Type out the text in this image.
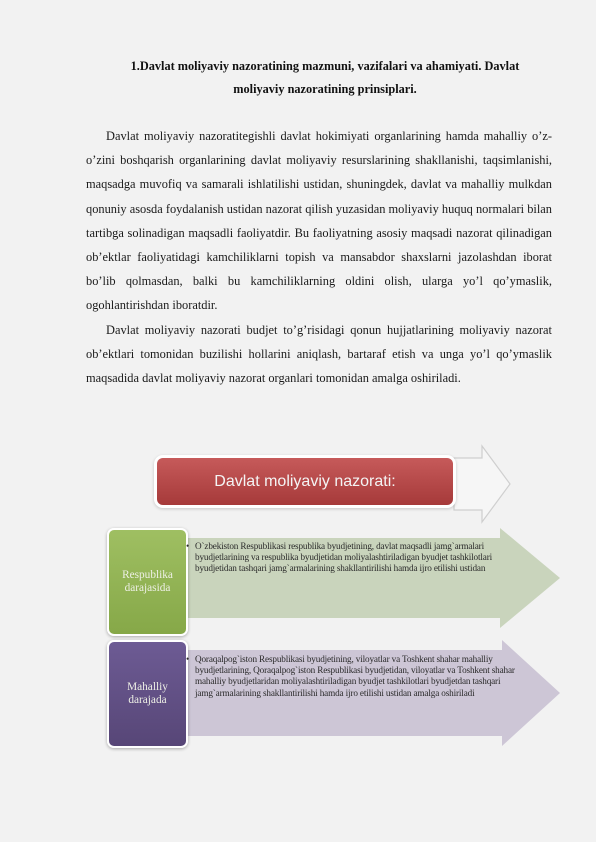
1.Davlat moliyaviy nazoratining mazmuni, vazifalari va ahamiyati. Davlat
moliyaviy nazoratining prinsiplari.

Davlat moliyaviy nazoratitegishli davlat hokimiyati organlarining hamda mahalliy o’z-o’zini boshqarish organlarining davlat moliyaviy resurslarining shakllanishi, taqsimlanishi, maqsadga muvofiq va samarali ishlatilishi ustidan, shuningdek, davlat va mahalliy mulkdan qonuniy asosda foydalanish ustidan nazorat qilish yuzasidan moliyaviy huquq normalari bilan tartibga solinadigan maqsadli faoliyatdir. Bu faoliyatning asosiy maqsadi nazorat qilinadigan ob’ektlar faoliyatidagi kamchiliklarni topish va mansabdor shaxslarni jazolashdan iborat bo’lib qolmasdan, balki bu kamchiliklarning oldini olish, ularga yo’l qo’ymaslik, ogohlantirishdan iboratdir.

Davlat moliyaviy nazorati budjet to’g’risidagi qonun hujjatlarining moliyaviy nazorat ob’ektlari tomonidan buzilishi hollarini aniqlash, bartaraf etish va unga yo’l qo’ymaslik maqsadida davlat moliyaviy nazorat organlari tomonidan amalga oshiriladi.

Davlat moliyaviy nazorati:
Respublika darajasida
Mahalliy darajada
• O`zbekiston Respublikasi respublika byudjetining, davlat maqsadli jamg`armalari byudjetlarining va respublika byudjetidan moliyalashtiriladigan byudjet tashkilotlari byudjetidan tashqari jamg`armalarining shakllantirilishi hamda ijro etilishi ustidan
• Qoraqalpog`iston Respublikasi byudjetining, viloyatlar va Toshkent shahar mahalliy byudjetlarining, Qoraqalpog`iston Respublikasi byudjetidan, viloyatlar va Toshkent shahar mahalliy byudjetlaridan moliyalashtiriladigan byudjet tashkilotlari byudjetdan tashqari jamg`armalarining shakllantirilishi hamda ijro etilishi ustidan amalga oshiriladi
